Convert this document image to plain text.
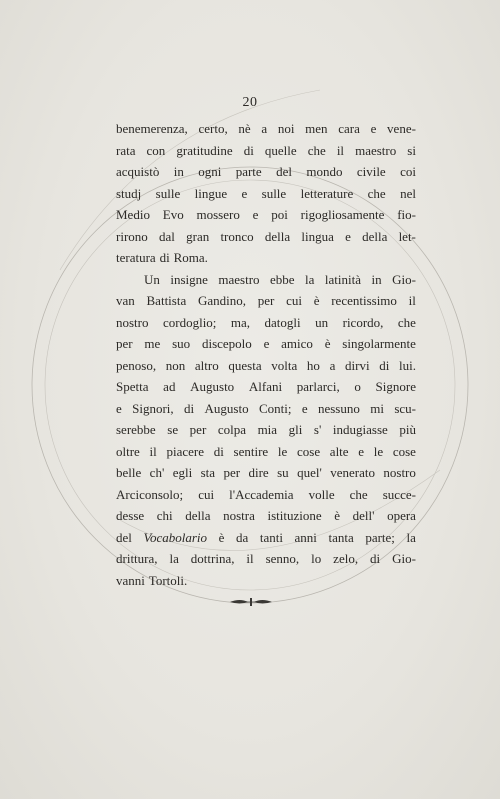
20
benemerenza, certo, nè a noi men cara e vene-
rata con gratitudine di quelle che il maestro si
acquistò in ogni parte del mondo civile coi
studj sulle lingue e sulle letterature che nel
Medio Evo mossero e poi rigogliosamente fio-
rirono dal gran tronco della lingua e della let-
teratura di Roma.
Un insigne maestro ebbe la latinità in Gio-
van Battista Gandino, per cui è recentissimo il
nostro cordoglio; ma, datogli un ricordo, che
per me suo discepolo e amico è singolarmente
penoso, non altro questa volta ho a dirvi di lui.
Spetta ad Augusto Alfani parlarci, o Signore
e Signori, di Augusto Conti; e nessuno mi scu-
serebbe se per colpa mia gli s' indugiasse più
oltre il piacere di sentire le cose alte e le cose
belle ch' egli sta per dire su quel' venerato nostro
Arciconsolo; cui l'Accademia volle che succe-
desse chi della nostra istituzione è dell' opera
del Vocabolario è da tanti anni tanta parte; la
drittura, la dottrina, il senno, lo zelo, di Gio-
vanni Tortoli.
